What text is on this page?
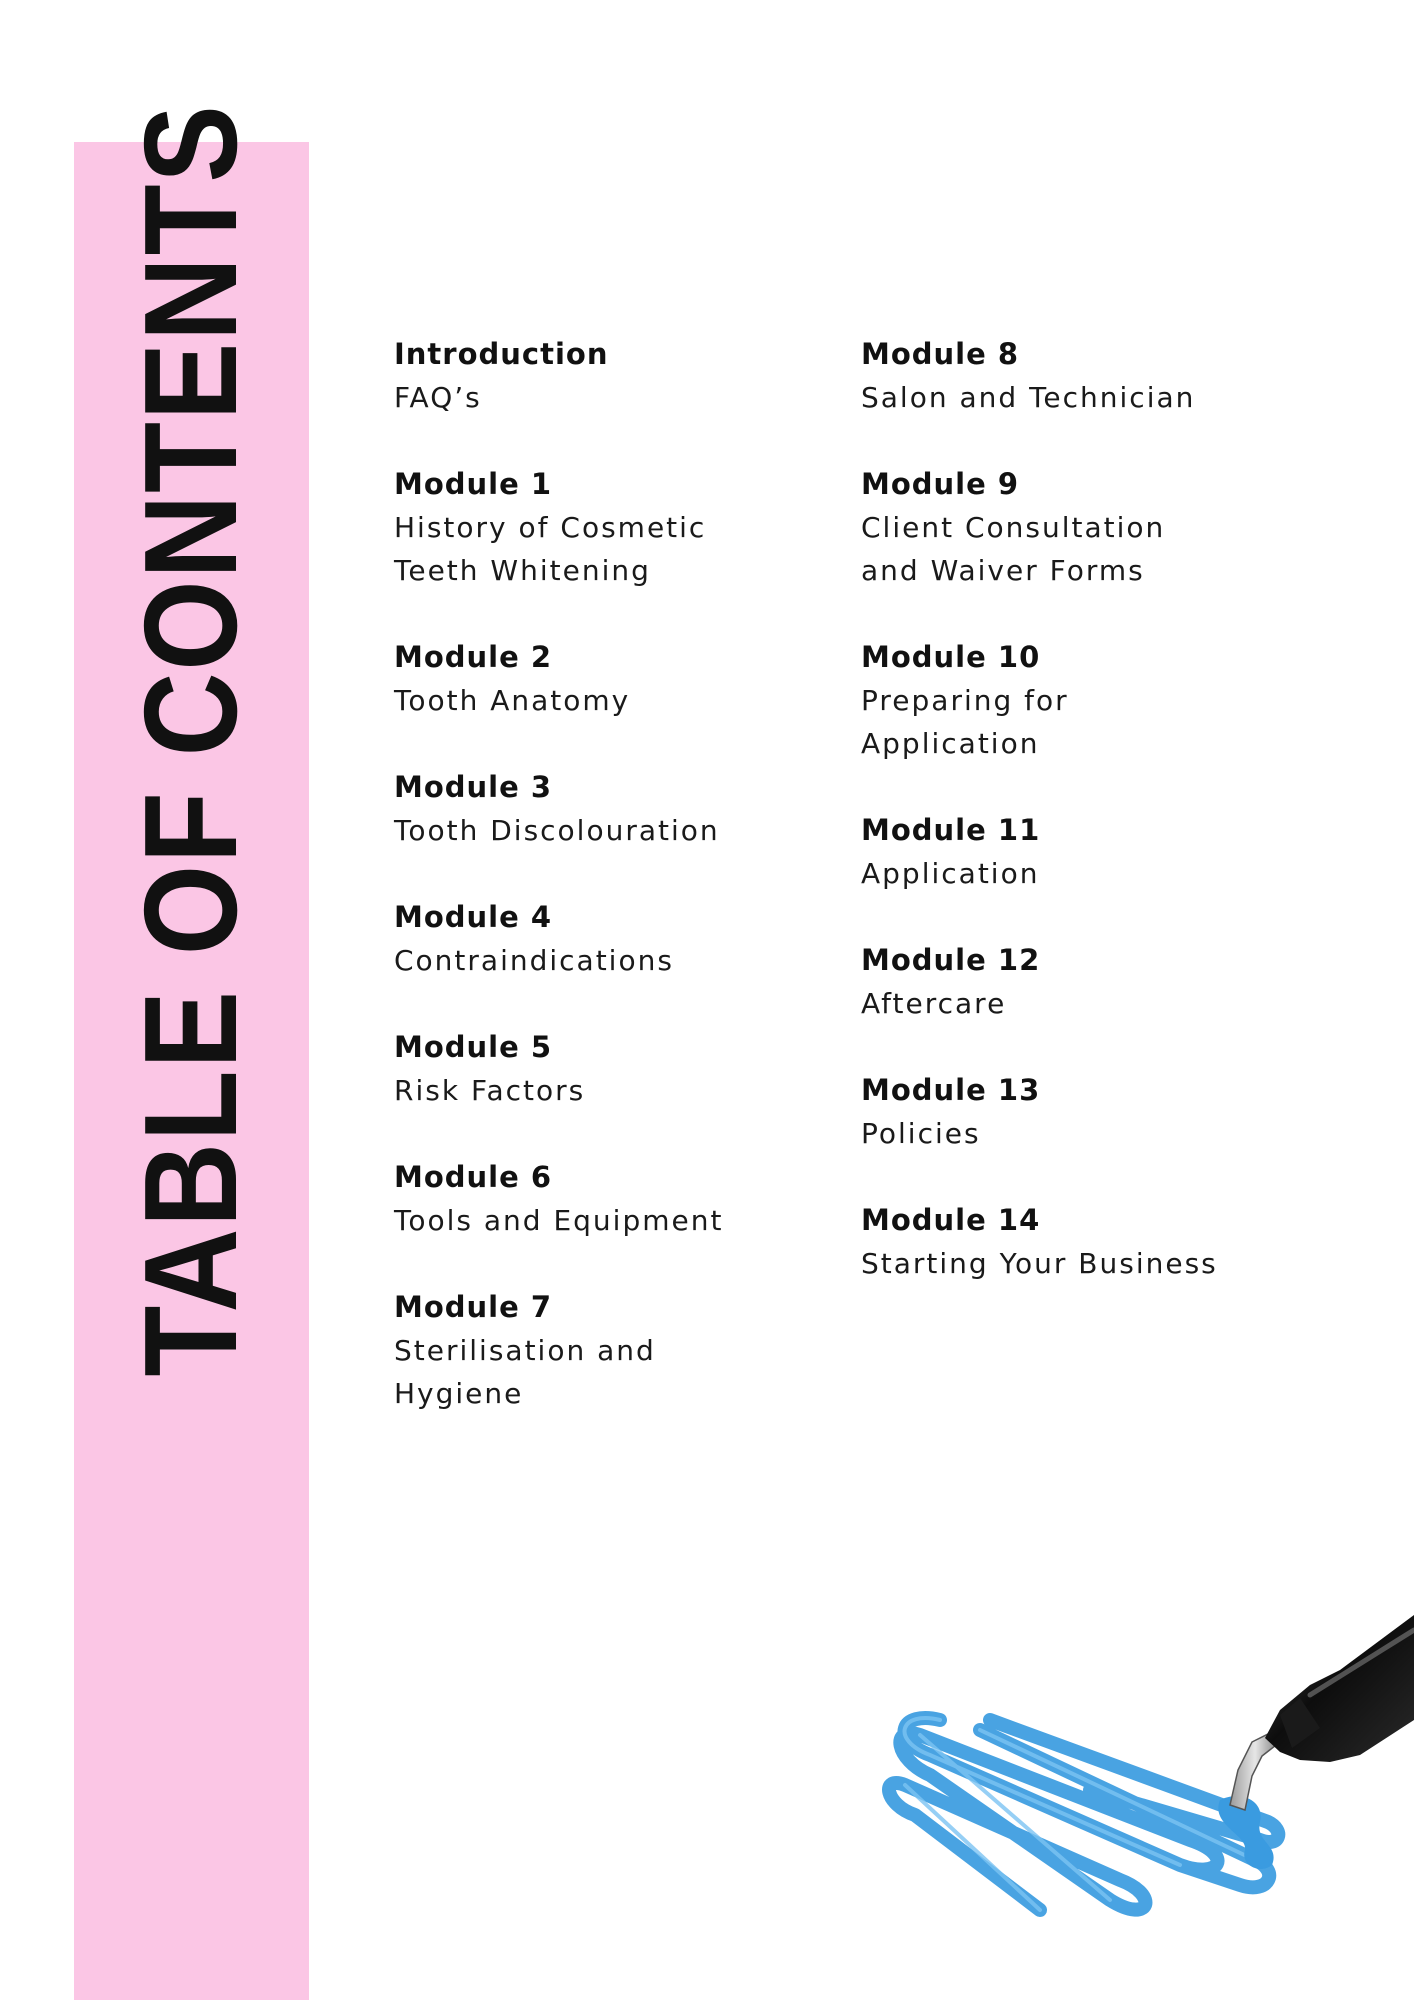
TABLE OF CONTENTS	Introduction
FAQ’s
Module 1
History of Cosmetic
Teeth Whitening
Module 2
Tooth Anatomy
Module 3
Tooth Discolouration
Module 4
Contraindications
Module 5
Risk Factors
Module 6
Tools and Equipment
Module 7
Sterilisation and
Hygiene
Module 8
Salon and Technician
Module 9
Client Consultation
and Waiver Forms
Module 10
Preparing for
Application
Module 11
Application
Module 12
Aftercare
Module 13
Policies
Module 14
Starting Your Business
